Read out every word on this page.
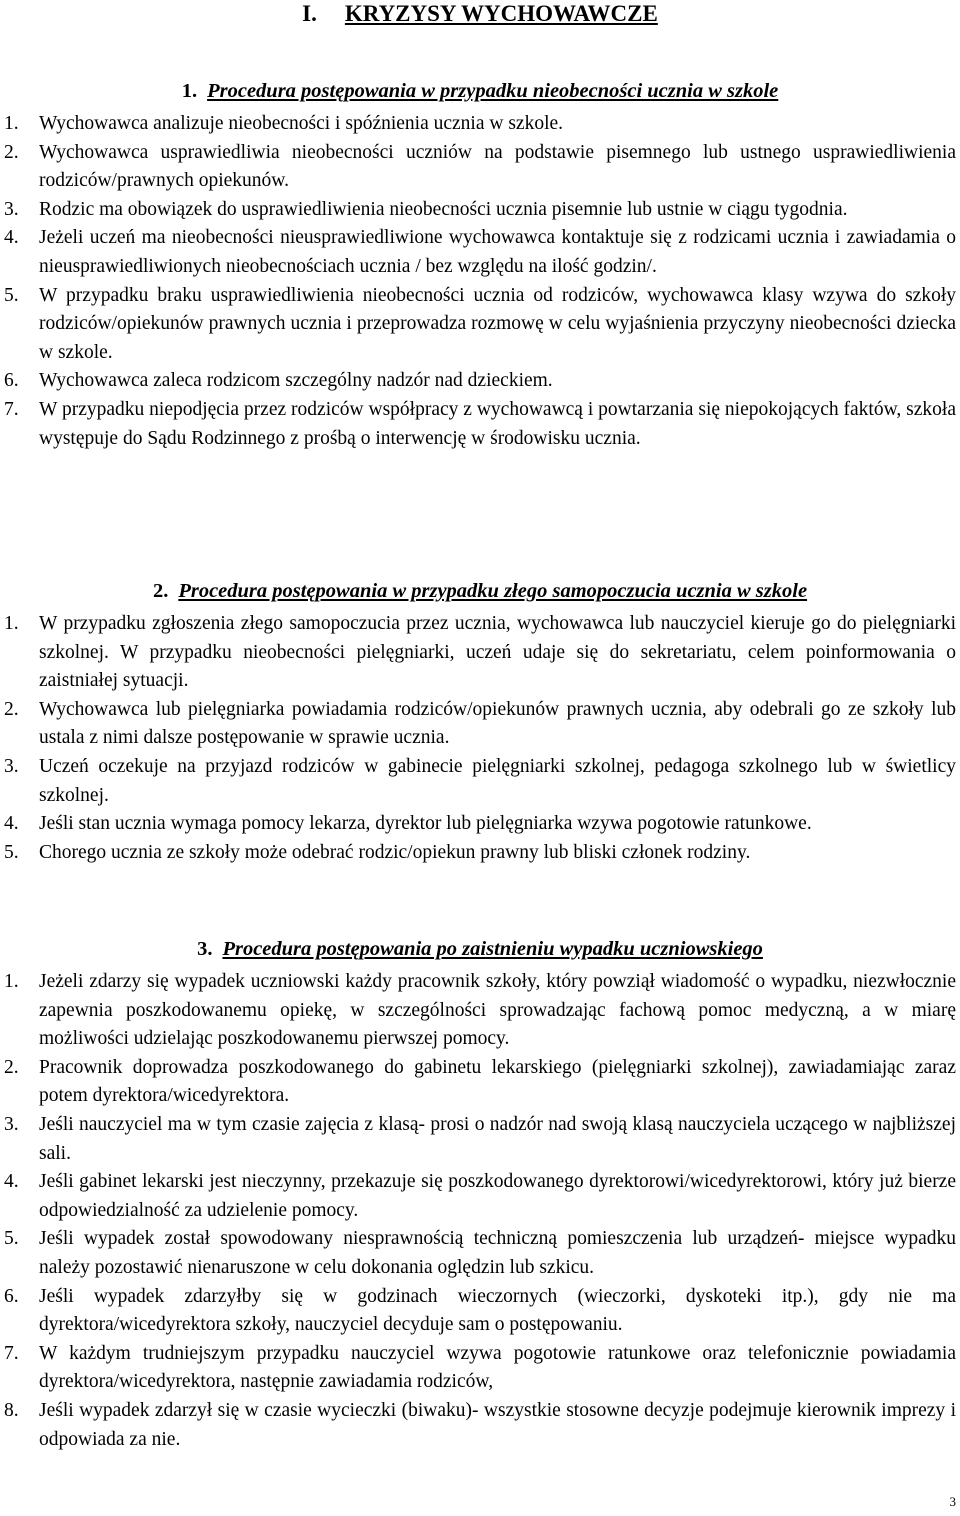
I. KRYZYSY WYCHOWAWCZE
1. Procedura postępowania w przypadku nieobecności ucznia w szkole
1. Wychowawca analizuje nieobecności i spóźnienia ucznia w szkole.
2. Wychowawca usprawiedliwia nieobecności uczniów na podstawie pisemnego lub ustnego usprawiedliwienia rodziców/prawnych opiekunów.
3. Rodzic ma obowiązek do usprawiedliwienia nieobecności ucznia pisemnie lub ustnie w ciągu tygodnia.
4. Jeżeli uczeń ma nieobecności nieusprawiedliwione wychowawca kontaktuje się z rodzicami ucznia i zawiadamia o nieusprawiedliwionych nieobecnościach ucznia / bez względu na ilość godzin/.
5. W przypadku braku usprawiedliwienia nieobecności ucznia od rodziców, wychowawca klasy wzywa do szkoły rodziców/opiekunów prawnych ucznia i przeprowadza rozmowę w celu wyjaśnienia przyczyny nieobecności dziecka w szkole.
6. Wychowawca zaleca rodzicom szczególny nadzór nad dzieckiem.
7. W przypadku niepodjęcia przez rodziców współpracy z wychowawcą i powtarzania się niepokojących faktów, szkoła występuje do Sądu Rodzinnego z prośbą o interwencję w środowisku ucznia.
2. Procedura postępowania w przypadku złego samopoczucia ucznia w szkole
1. W przypadku zgłoszenia złego samopoczucia przez ucznia, wychowawca lub nauczyciel kieruje go do pielęgniarki szkolnej. W przypadku nieobecności pielęgniarki, uczeń udaje się do sekretariatu, celem poinformowania o zaistniałej sytuacji.
2. Wychowawca lub pielęgniarka powiadamia rodziców/opiekunów prawnych ucznia, aby odebrali go ze szkoły lub ustala z nimi dalsze postępowanie w sprawie ucznia.
3. Uczeń oczekuje na przyjazd rodziców w gabinecie pielęgniarki szkolnej, pedagoga szkolnego lub w świetlicy szkolnej.
4. Jeśli stan ucznia wymaga pomocy lekarza, dyrektor lub pielęgniarka wzywa pogotowie ratunkowe.
5. Chorego ucznia ze szkoły może odebrać rodzic/opiekun prawny lub bliski członek rodziny.
3. Procedura postępowania po zaistnieniu wypadku uczniowskiego
1. Jeżeli zdarzy się wypadek uczniowski każdy pracownik szkoły, który powziął wiadomość o wypadku, niezwłocznie zapewnia poszkodowanemu opiekę, w szczególności sprowadzając fachową pomoc medyczną, a w miarę możliwości udzielając poszkodowanemu pierwszej pomocy.
2. Pracownik doprowadza poszkodowanego do gabinetu lekarskiego (pielęgniarki szkolnej), zawiadamiając zaraz potem dyrektora/wicedyrektora.
3. Jeśli nauczyciel ma w tym czasie zajęcia z klasą- prosi o nadzór nad swoją klasą nauczyciela uczącego w najbliższej sali.
4. Jeśli gabinet lekarski jest nieczynny, przekazuje się poszkodowanego dyrektorowi/wicedyrektorowi, który już bierze odpowiedzialność za udzielenie pomocy.
5. Jeśli wypadek został spowodowany niesprawnością techniczną pomieszczenia lub urządzeń- miejsce wypadku należy pozostawić nienaruszone w celu dokonania oględzin lub szkicu.
6. Jeśli wypadek zdarzyłby się w godzinach wieczornych (wieczorki, dyskoteki itp.), gdy nie ma dyrektora/wicedyrektora szkoły, nauczyciel decyduje sam o postępowaniu.
7. W każdym trudniejszym przypadku nauczyciel wzywa pogotowie ratunkowe oraz telefonicznie powiadamia dyrektora/wicedyrektora, następnie zawiadamia rodziców,
8. Jeśli wypadek zdarzył się w czasie wycieczki (biwaku)- wszystkie stosowne decyzje podejmuje kierownik imprezy i odpowiada za nie.
3
